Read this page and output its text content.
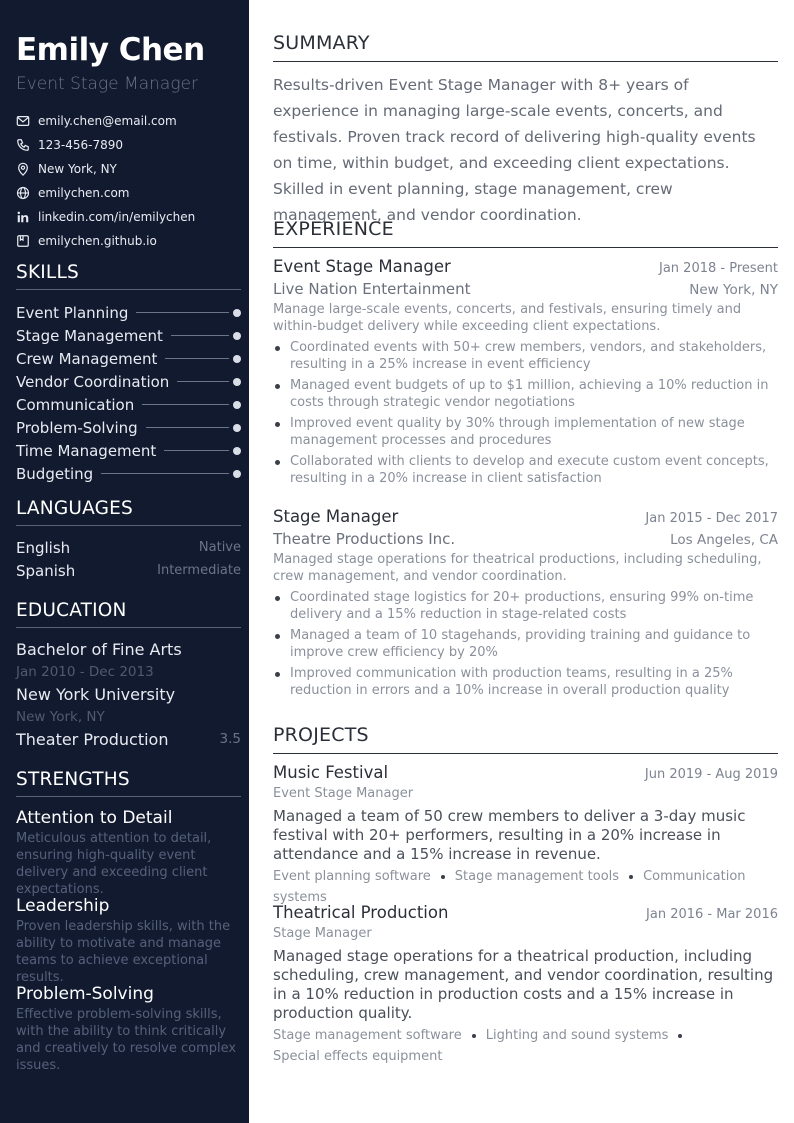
Emily Chen
Event Stage Manager
emily.chen@email.com
123-456-7890
New York, NY
emilychen.com
linkedin.com/in/emilychen
emilychen.github.io
SKILLS
Event Planning
Stage Management
Crew Management
Vendor Coordination
Communication
Problem-Solving
Time Management
Budgeting
LANGUAGES
English	Native
Spanish	Intermediate
EDUCATION
Bachelor of Fine Arts
Jan 2010 - Dec 2013
New York University
New York, NY
Theater Production	3.5
STRENGTHS
Attention to Detail
Meticulous attention to detail, ensuring high-quality event delivery and exceeding client expectations.
Leadership
Proven leadership skills, with the ability to motivate and manage teams to achieve exceptional results.
Problem-Solving
Effective problem-solving skills, with the ability to think critically and creatively to resolve complex issues.
SUMMARY
Results-driven Event Stage Manager with 8+ years of experience in managing large-scale events, concerts, and festivals. Proven track record of delivering high-quality events on time, within budget, and exceeding client expectations. Skilled in event planning, stage management, crew management, and vendor coordination.
EXPERIENCE
Event Stage Manager	Jan 2018 - Present
Live Nation Entertainment	New York, NY
Manage large-scale events, concerts, and festivals, ensuring timely and within-budget delivery while exceeding client expectations.
Coordinated events with 50+ crew members, vendors, and stakeholders, resulting in a 25% increase in event efficiency
Managed event budgets of up to $1 million, achieving a 10% reduction in costs through strategic vendor negotiations
Improved event quality by 30% through implementation of new stage management processes and procedures
Collaborated with clients to develop and execute custom event concepts, resulting in a 20% increase in client satisfaction
Stage Manager	Jan 2015 - Dec 2017
Theatre Productions Inc.	Los Angeles, CA
Managed stage operations for theatrical productions, including scheduling, crew management, and vendor coordination.
Coordinated stage logistics for 20+ productions, ensuring 99% on-time delivery and a 15% reduction in stage-related costs
Managed a team of 10 stagehands, providing training and guidance to improve crew efficiency by 20%
Improved communication with production teams, resulting in a 25% reduction in errors and a 10% increase in overall production quality
PROJECTS
Music Festival	Jun 2019 - Aug 2019
Event Stage Manager
Managed a team of 50 crew members to deliver a 3-day music festival with 20+ performers, resulting in a 20% increase in attendance and a 15% increase in revenue.
Event planning software Stage management tools Communication systems
Theatrical Production	Jan 2016 - Mar 2016
Stage Manager
Managed stage operations for a theatrical production, including scheduling, crew management, and vendor coordination, resulting in a 10% reduction in production costs and a 15% increase in production quality.
Stage management software Lighting and sound systems
Special effects equipment
